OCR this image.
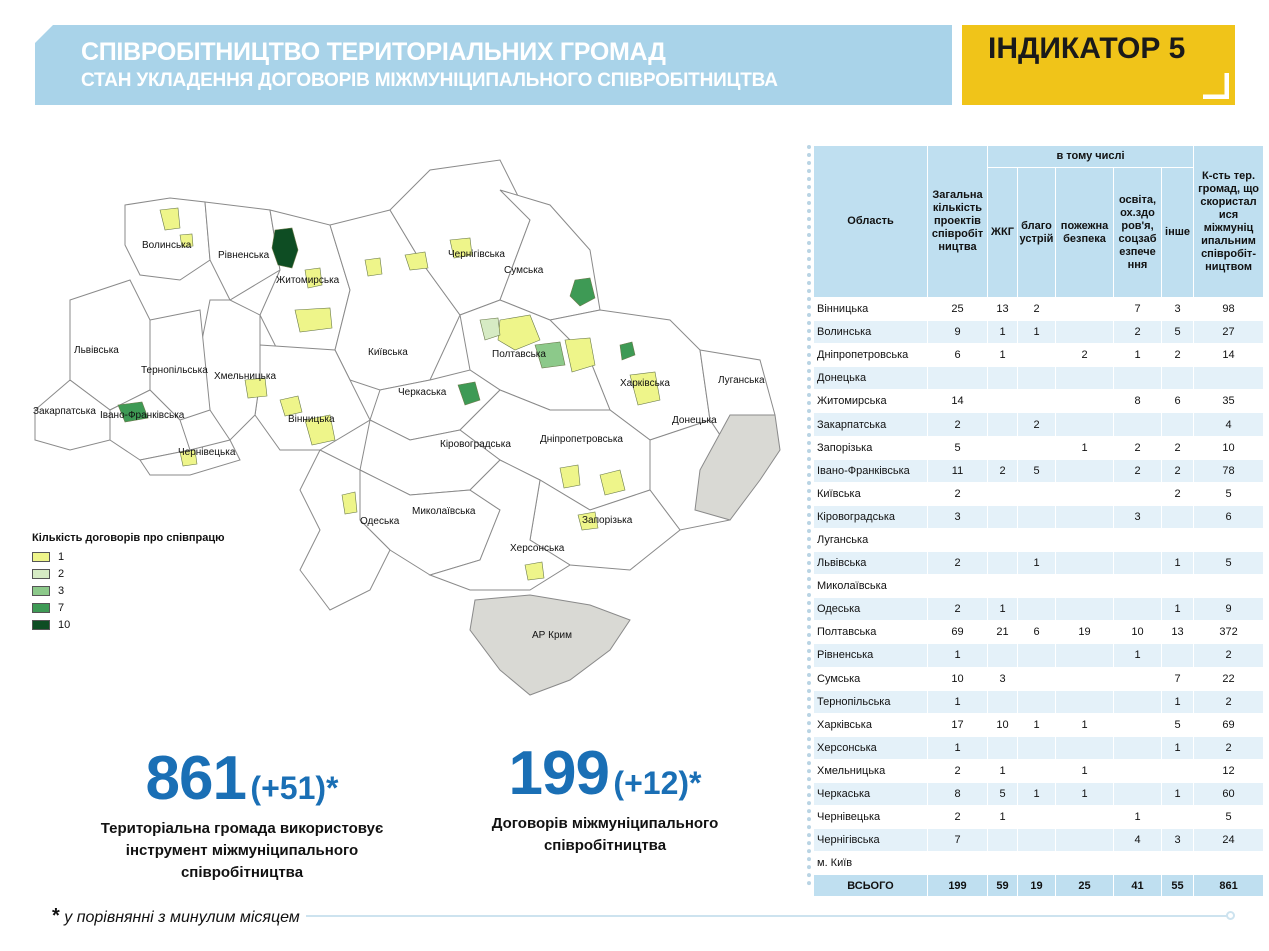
СПІВРОБІТНИЦТВО ТЕРИТОРІАЛЬНИХ ГРОМАД
СТАН УКЛАДЕННЯ ДОГОВОРІВ МІЖМУНІЦИПАЛЬНОГО СПІВРОБІТНИЦТВА
ІНДИКАТОР 5
Волинська
Рівненська
Житомирська
Чернігівська
Сумська
Київська
Львівська
Тернопільська
Хмельницька
Вінницька
Закарпатська Івано-Франківська
Чернівецька
Черкаська
Полтавська
Харківська	Луганська
Донецька
Дніпропетровська
Кіровоградська
Одеська
Миколаївська
Херсонська
Запорізька
АР Крим
Кількість договорів про співпрацю
1
2
3
7
10
861 (+51)*
Територіальна громада використовує
інструмент міжмуніципального
співробітництва
199 (+12)*
Договорів міжмуніципального
співробітництва
* у порівнянні з минулим місяцем
Область	Загальна кількість проектів співробіт ництва	в тому числі					К-сть тер. громад, що скористал ися міжмуніц ипальним співробіт- ництвом
		ЖКГ	благо устрій	пожежна безпека	освіта, ох.здо ров'я, соцзаб езпече ння	інше	
Вінницька	25	13	2		7	3	98
Волинська	9	1	1		2	5	27
Дніпропетровська	6	1		2	1	2	14
Донецька							
Житомирська	14				8	6	35
Закарпатська	2		2				4
Запорізька	5			1	2	2	10
Івано-Франківська	11	2	5		2	2	78
Київська	2					2	5
Кіровоградська	3				3		6
Луганська							
Львівська	2		1			1	5
Миколаївська							
Одеська	2	1				1	9
Полтавська	69	21	6	19	10	13	372
Рівненська	1				1		2
Сумська	10	3				7	22
Тернопільська	1					1	2
Харківська	17	10	1	1		5	69
Херсонська	1					1	2
Хмельницька	2	1		1			12
Черкаська	8	5	1	1		1	60
Чернівецька	2	1			1		5
Чернігівська	7				4	3	24
м. Київ							
ВСЬОГО	199	59	19	25	41	55	861
